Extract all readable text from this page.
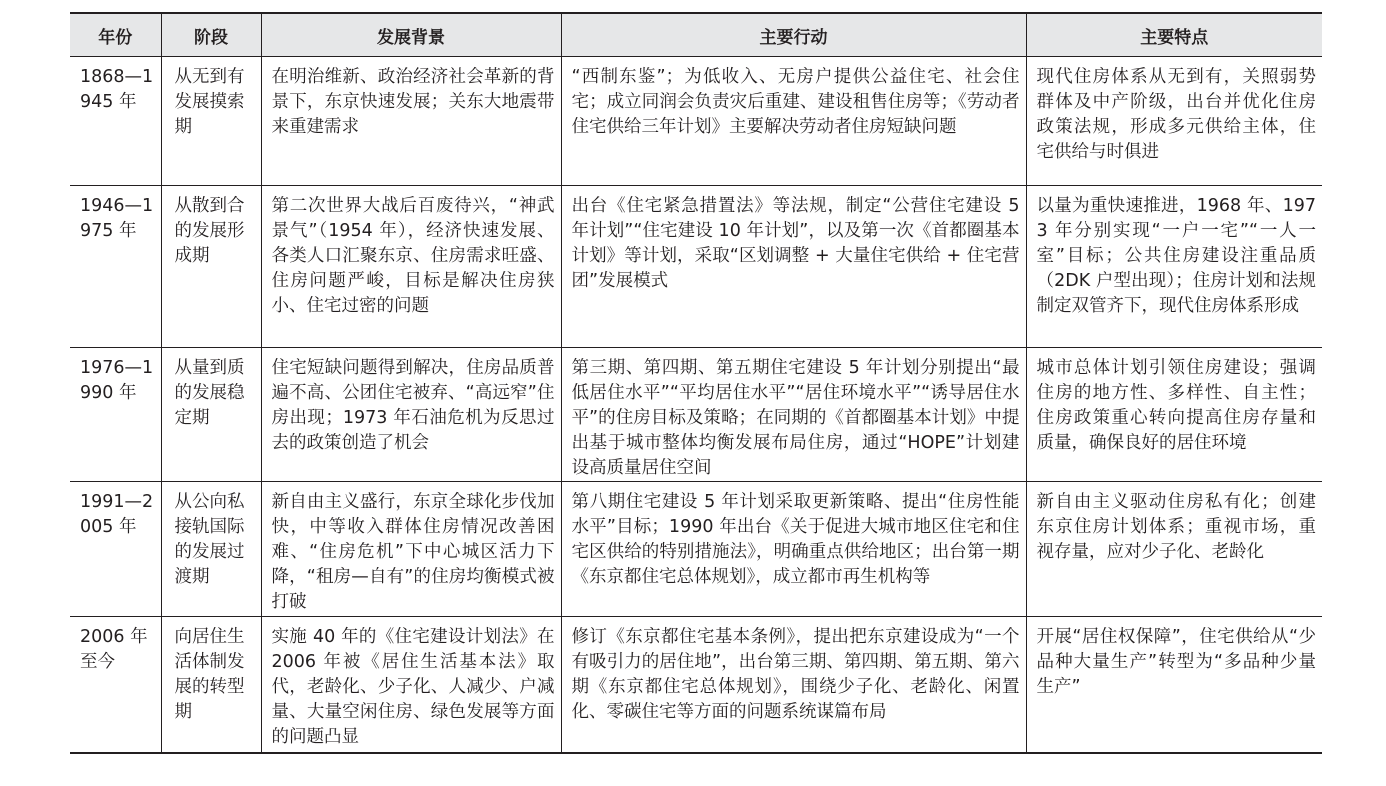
年份	阶段	发展背景	主要行动	主要特点
1868—1945 年	从无到有发展摸索期	在明治维新、政治经济社会革新的背景下，东京快速发展；关东大地震带来重建需求	“西制东鉴”；为低收入、无房户提供公益住宅、社会住宅；成立同润会负责灾后重建、建设租售住房等；《劳动者住宅供给三年计划》主要解决劳动者住房短缺问题	现代住房体系从无到有，关照弱势群体及中产阶级，出台并优化住房政策法规，形成多元供给主体，住宅供给与时俱进
1946—1975 年	从散到合的发展形成期	第二次世界大战后百废待兴，“神武景气”（1954 年），经济快速发展、各类人口汇聚东京、住房需求旺盛、住房问题严峻，目标是解决住房狭小、住宅过密的问题	出台《住宅紧急措置法》等法规，制定“公营住宅建设 5 年计划”“住宅建设 10 年计划”，以及第一次《首都圈基本计划》等计划，采取“区划调整 + 大量住宅供给 + 住宅营团”发展模式	以量为重快速推进，1968 年、1973 年分别实现“一户一宅”“一人一室”目标；公共住房建设注重品质（2DK 户型出现）；住房计划和法规制定双管齐下，现代住房体系形成
1976—1990 年	从量到质的发展稳定期	住宅短缺问题得到解决，住房品质普遍不高、公团住宅被弃、“高远窄”住房出现；1973 年石油危机为反思过去的政策创造了机会	第三期、第四期、第五期住宅建设 5 年计划分别提出“最低居住水平”“平均居住水平”“居住环境水平”“诱导居住水平”的住房目标及策略；在同期的《首都圈基本计划》中提出基于城市整体均衡发展布局住房，通过“HOPE”计划建设高质量居住空间	城市总体计划引领住房建设；强调住房的地方性、多样性、自主性；住房政策重心转向提高住房存量和质量，确保良好的居住环境
1991—2005 年	从公向私接轨国际的发展过渡期	新自由主义盛行，东京全球化步伐加快，中等收入群体住房情况改善困难、“住房危机”下中心城区活力下降，“租房—自有”的住房均衡模式被打破	第八期住宅建设 5 年计划采取更新策略、提出“住房性能水平”目标；1990 年出台《关于促进大城市地区住宅和住宅区供给的特别措施法》，明确重点供给地区；出台第一期《东京都住宅总体规划》，成立都市再生机构等	新自由主义驱动住房私有化；创建东京住房计划体系；重视市场，重视存量，应对少子化、老龄化
2006 年至今	向居住生活体制发展的转型期	实施 40 年的《住宅建设计划法》在 2006 年被《居住生活基本法》取代，老龄化、少子化、人减少、户减量、大量空闲住房、绿色发展等方面的问题凸显	修订《东京都住宅基本条例》，提出把东京建设成为“一个有吸引力的居住地”，出台第三期、第四期、第五期、第六期《东京都住宅总体规划》，围绕少子化、老龄化、闲置化、零碳住宅等方面的问题系统谋篇布局	开展“居住权保障”，住宅供给从“少品种大量生产”转型为“多品种少量生产”
